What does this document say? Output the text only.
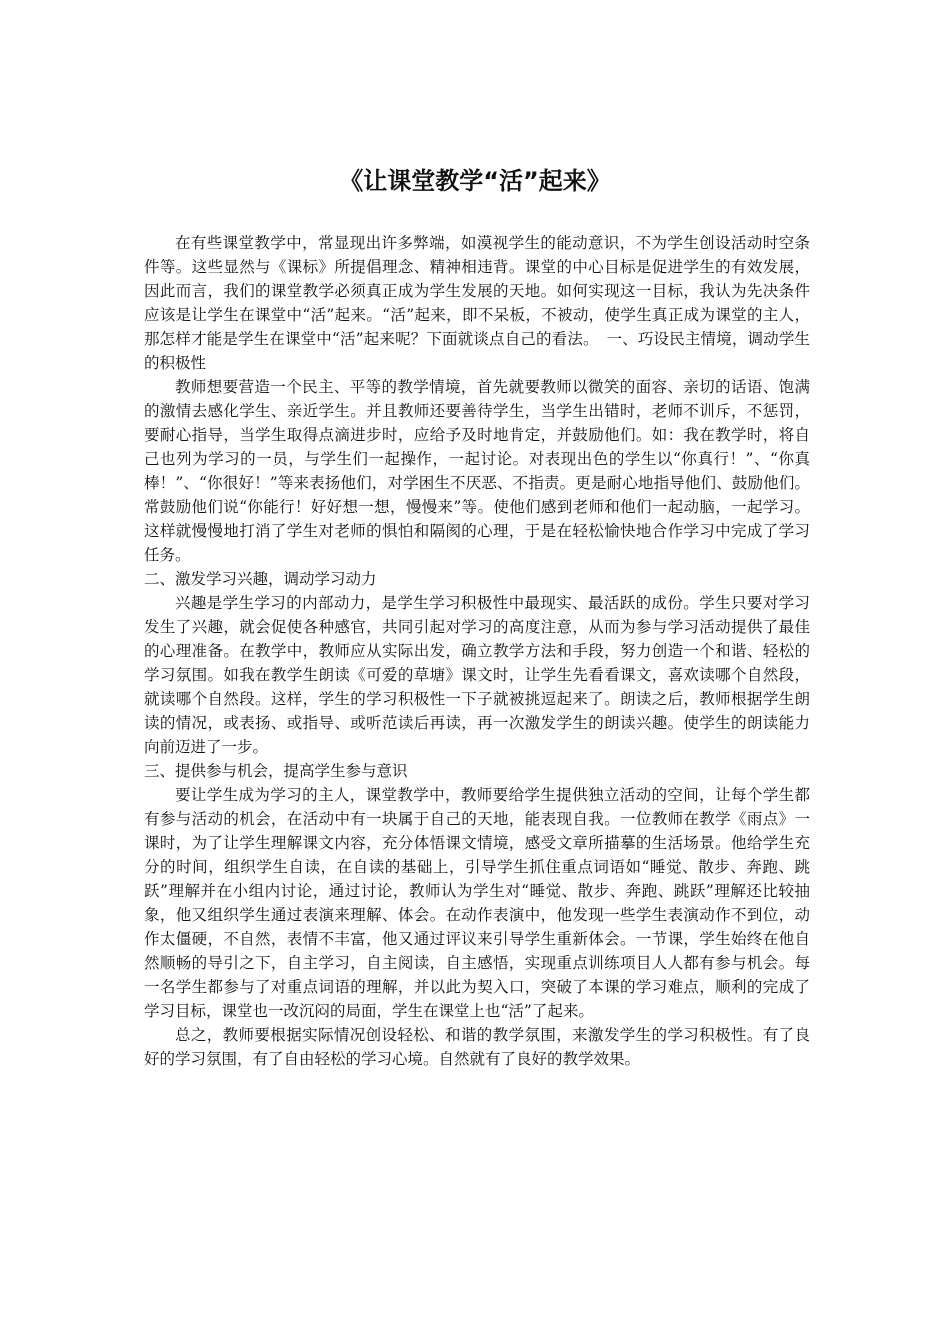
《让课堂教学“活”起来》

在有些课堂教学中，常显现出许多弊端，如漠视学生的能动意识，不为学生创设活动时空条件等。这些显然与《课标》所提倡理念、精神相违背。课堂的中心目标是促进学生的有效发展，因此而言，我们的课堂教学必须真正成为学生发展的天地。如何实现这一目标，我认为先决条件应该是让学生在课堂中“活”起来。“活”起来，即不呆板，不被动，使学生真正成为课堂的主人，那怎样才能是学生在课堂中“活”起来呢？下面就谈点自己的看法。　一、巧设民主情境，调动学生的积极性

教师想要营造一个民主、平等的教学情境，首先就要教师以微笑的面容、亲切的话语、饱满的激情去感化学生、亲近学生。并且教师还要善待学生，当学生出错时，老师不训斥，不惩罚，要耐心指导，当学生取得点滴进步时，应给予及时地肯定，并鼓励他们。如：我在教学时，将自己也列为学习的一员，与学生们一起操作，一起讨论。对表现出色的学生以“你真行！”、“你真棒！”、“你很好！”等来表扬他们，对学困生不厌恶、不指责。更是耐心地指导他们、鼓励他们。常鼓励他们说“你能行！好好想一想，慢慢来”等。使他们感到老师和他们一起动脑，一起学习。这样就慢慢地打消了学生对老师的惧怕和隔阂的心理，于是在轻松愉快地合作学习中完成了学习任务。

二、激发学习兴趣，调动学习动力

兴趣是学生学习的内部动力，是学生学习积极性中最现实、最活跃的成份。学生只要对学习发生了兴趣，就会促使各种感官，共同引起对学习的高度注意，从而为参与学习活动提供了最佳的心理准备。在教学中，教师应从实际出发，确立教学方法和手段，努力创造一个和谐、轻松的学习氛围。如我在教学生朗读《可爱的草塘》课文时，让学生先看看课文，喜欢读哪个自然段，就读哪个自然段。这样，学生的学习积极性一下子就被挑逗起来了。朗读之后，教师根据学生朗读的情况，或表扬、或指导、或听范读后再读，再一次激发学生的朗读兴趣。使学生的朗读能力向前迈进了一步。

三、提供参与机会，提高学生参与意识

要让学生成为学习的主人，课堂教学中，教师要给学生提供独立活动的空间，让每个学生都有参与活动的机会，在活动中有一块属于自己的天地，能表现自我。一位教师在教学《雨点》一课时，为了让学生理解课文内容，充分体悟课文情境，感受文章所描摹的生活场景。他给学生充分的时间，组织学生自读，在自读的基础上，引导学生抓住重点词语如“睡觉、散步、奔跑、跳跃”理解并在小组内讨论，通过讨论，教师认为学生对“睡觉、散步、奔跑、跳跃”理解还比较抽象，他又组织学生通过表演来理解、体会。在动作表演中，他发现一些学生表演动作不到位，动作太僵硬，不自然，表情不丰富，他又通过评议来引导学生重新体会。一节课，学生始终在他自然顺畅的导引之下，自主学习，自主阅读，自主感悟，实现重点训练项目人人都有参与机会。每一名学生都参与了对重点词语的理解，并以此为契入口，突破了本课的学习难点，顺利的完成了学习目标，课堂也一改沉闷的局面，学生在课堂上也“活”了起来。

总之，教师要根据实际情况创设轻松、和谐的教学氛围，来激发学生的学习积极性。有了良好的学习氛围，有了自由轻松的学习心境。自然就有了良好的教学效果。
